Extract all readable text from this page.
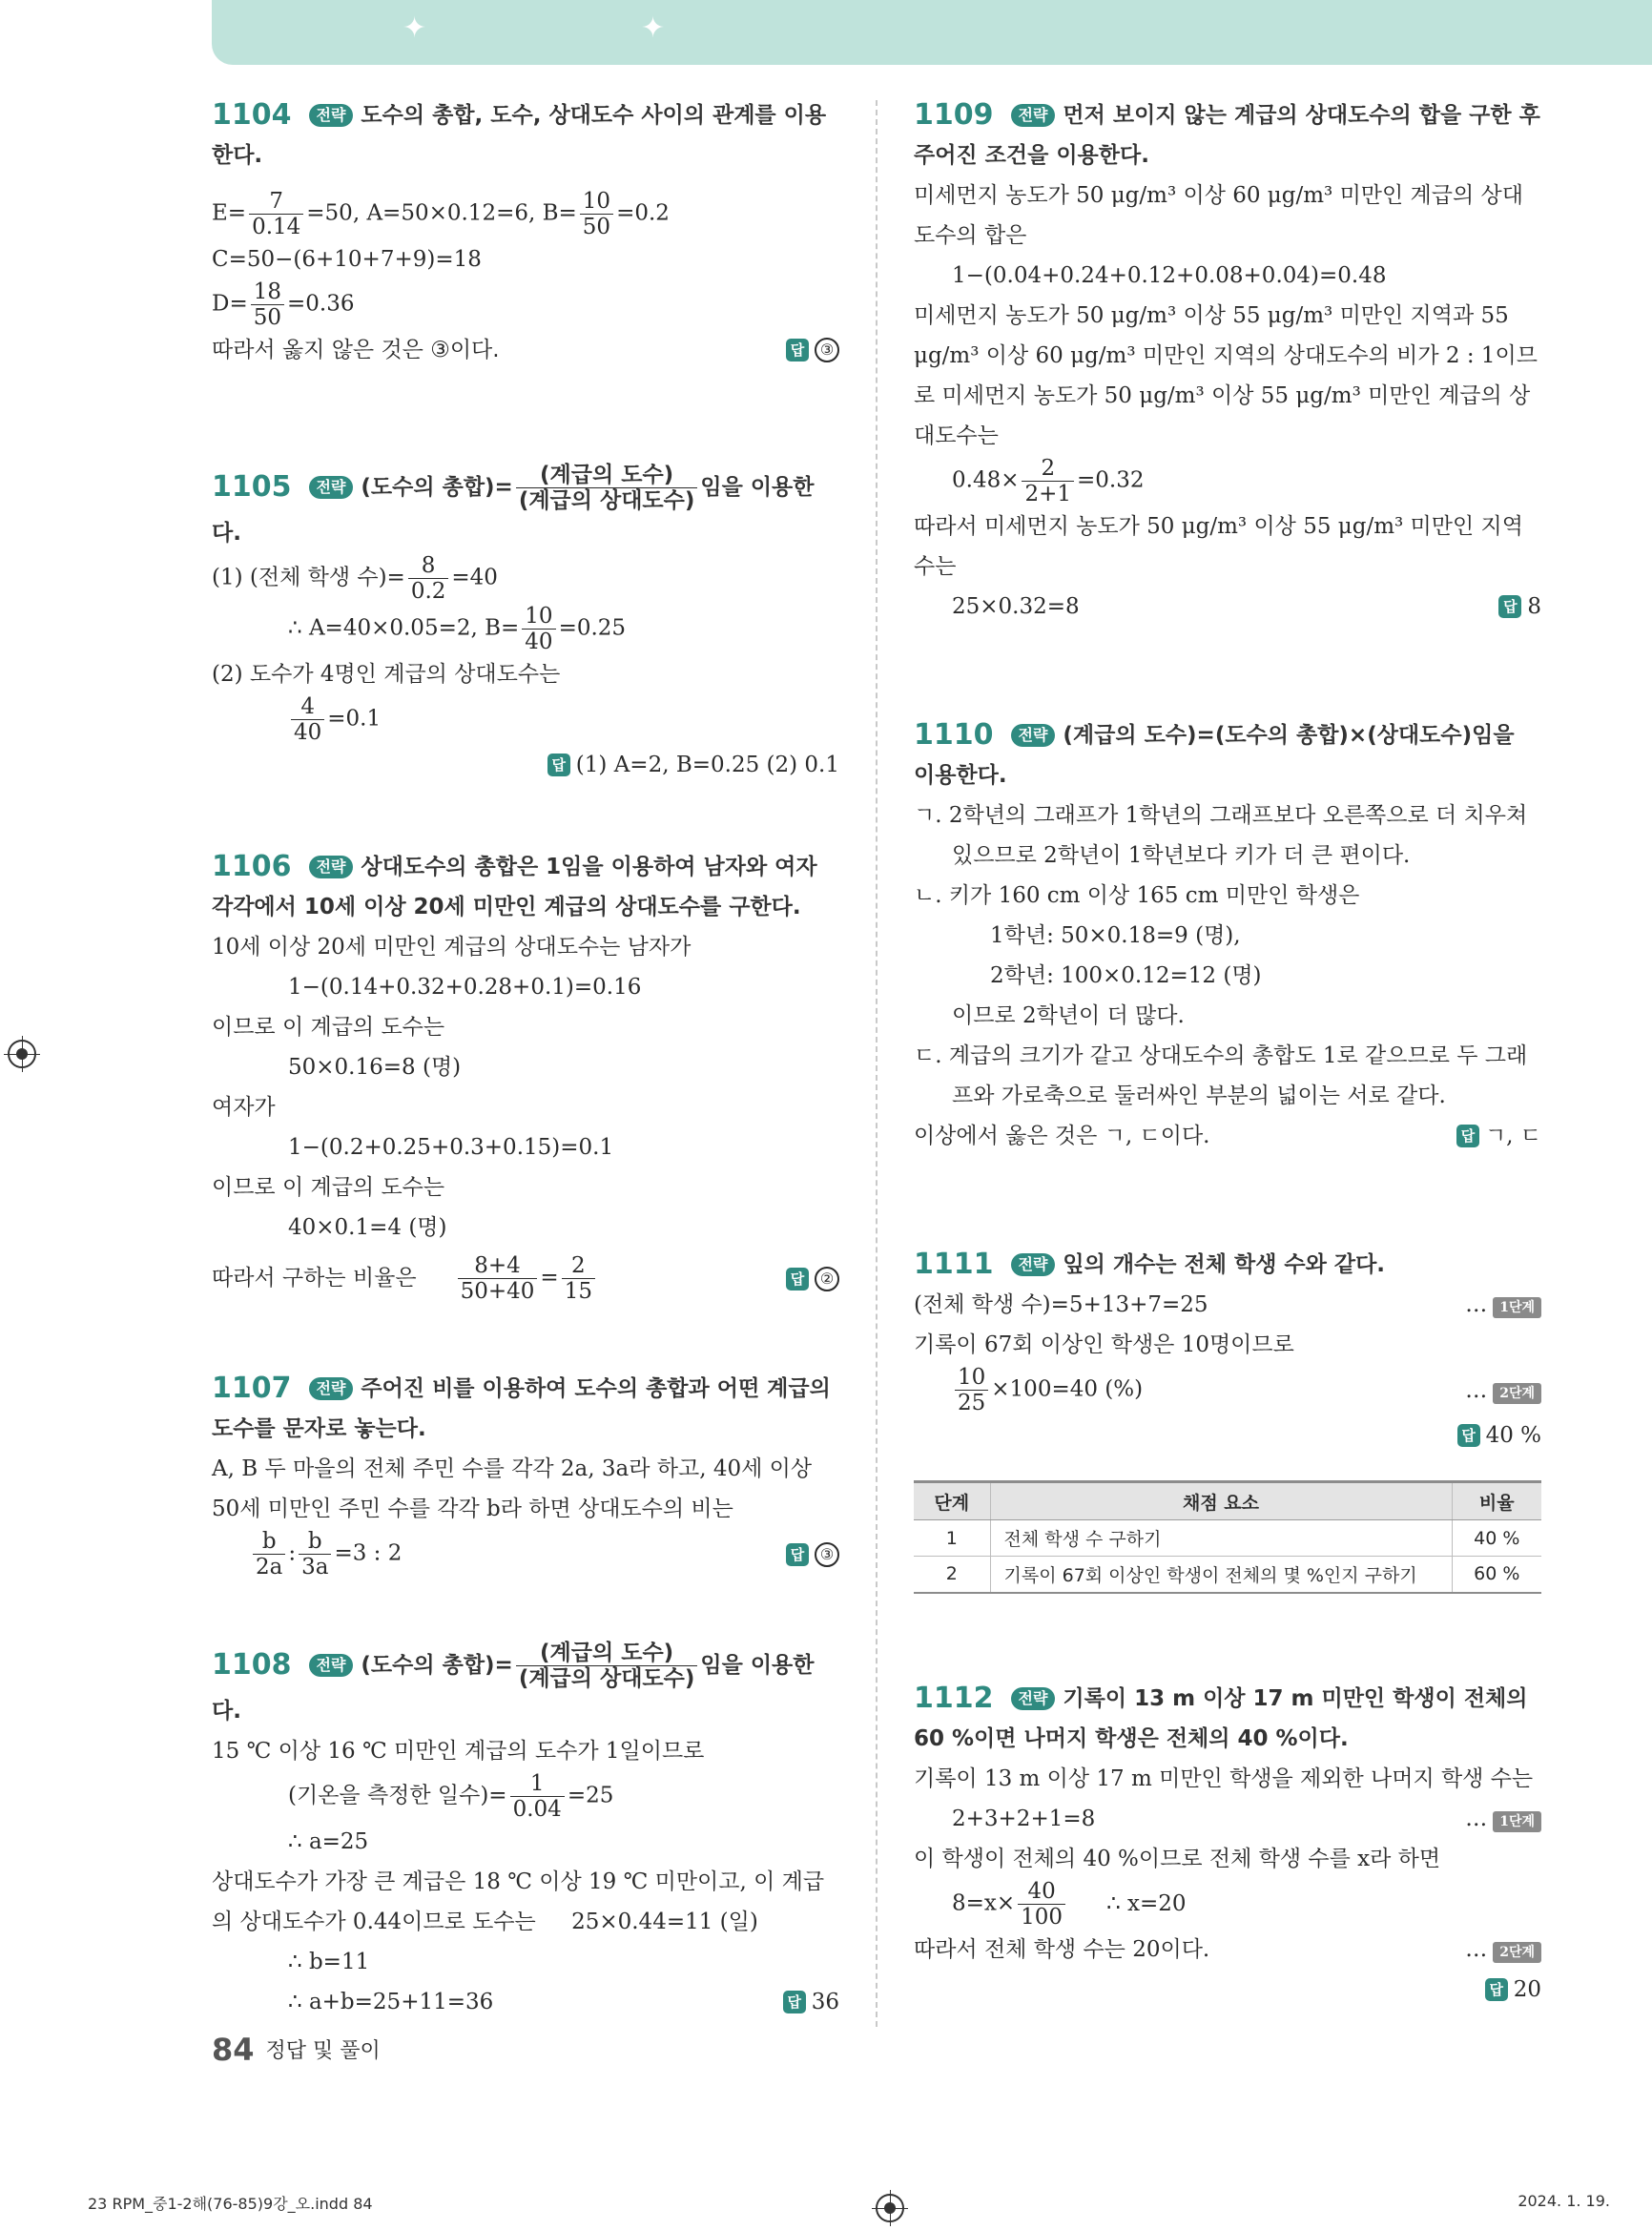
✦	✦
1104 전략 도수의 총합, 도수, 상대도수 사이의 관계를 이용한다.
$E= \frac{7}{0.14} =50$, A=50×0.12=6, $B= \frac{10}{50} =0.2$
C=50−(6+10+7+9)=18
$D= \frac{18}{50} =0.36$
따라서 옳지 않은 것은 ③이다.	답	③
1105 전략 (도수의 총합)= $\frac{\text{(계급의 도수)}}{\text{(계급의 상대도수)}}$ 임을 이용한다.
(1) (전체 학생 수)= $\frac{8}{0.2} =40$
∴ A=40×0.05=2, $B= \frac{10}{40} =0.25$
(2) 도수가 4명인 계급의 상대도수는
$\frac{4}{40} =0.1$
답 (1) A=2, B=0.25 (2) 0.1
1106 전략 상대도수의 총합은 1임을 이용하여 남자와 여자 각각에서 10세 이상 20세 미만인 계급의 상대도수를 구한다.
10세 이상 20세 미만인 계급의 상대도수는 남자가
1−(0.14+0.32+0.28+0.1)=0.16
이므로 이 계급의 도수는
50×0.16=8 (명)
여자가
1−(0.2+0.25+0.3+0.15)=0.1
이므로 이 계급의 도수는
40×0.1=4 (명)
따라서 구하는 비율은 $\frac{8+4}{50+40} = \frac{2}{15}$	답	②
1107 전략 주어진 비를 이용하여 도수의 총합과 어떤 계급의 도수를 문자로 놓는다.
A, B 두 마을의 전체 주민 수를 각각 2a, 3a라 하고, 40세 이상 50세 미만인 주민 수를 각각 b라 하면 상대도수의 비는
$\frac{b}{2a}$ : $\frac{b}{3a} =3$ : 2	답	③
1108 전략 (도수의 총합)= $\frac{\text{(계급의 도수)}}{\text{(계급의 상대도수)}}$ 임을 이용한다.
15 ℃ 이상 16 ℃ 미만인 계급의 도수가 1일이므로
(기온을 측정한 일수)= $\frac{1}{0.04} =25$
∴ a=25
상대도수가 가장 큰 계급은 18 ℃ 이상 19 ℃ 미만이고, 이 계급의 상대도수가 0.44이므로 도수는 25×0.44=11 (일)
∴ b=11
∴ a+b=25+11=36	답 36
1109 전략 먼저 보이지 않는 계급의 상대도수의 합을 구한 후 주어진 조건을 이용한다.
미세먼지 농도가 50 μg/m³ 이상 60 μg/m³ 미만인 계급의 상대도수의 합은
1−(0.04+0.24+0.12+0.08+0.04)=0.48
미세먼지 농도가 50 μg/m³ 이상 55 μg/m³ 미만인 지역과 55 μg/m³ 이상 60 μg/m³ 미만인 지역의 상대도수의 비가 2 : 1이므로 미세먼지 농도가 50 μg/m³ 이상 55 μg/m³ 미만인 계급의 상대도수는
$0.48\times \frac{2}{2+1} =0.32$
따라서 미세먼지 농도가 50 μg/m³ 이상 55 μg/m³ 미만인 지역 수는
25×0.32=8	답 8
1110 전략 (계급의 도수)=(도수의 총합)×(상대도수)임을 이용한다.
ㄱ. 2학년의 그래프가 1학년의 그래프보다 오른쪽으로 더 치우쳐 있으므로 2학년이 1학년보다 키가 더 큰 편이다.
ㄴ. 키가 160 cm 이상 165 cm 미만인 학생은
1학년: 50×0.18=9 (명),
2학년: 100×0.12=12 (명)
이므로 2학년이 더 많다.
ㄷ. 계급의 크기가 같고 상대도수의 총합도 1로 같으므로 두 그래프와 가로축으로 둘러싸인 부분의 넓이는 서로 같다.
이상에서 옳은 것은 ㄱ, ㄷ이다.	답 ㄱ, ㄷ
1111 전략 잎의 개수는 전체 학생 수와 같다.
(전체 학생 수)=5+13+7=25	… 1단계
기록이 67회 이상인 학생은 10명이므로
$\frac{10}{25} \times 100=40$ (%)	… 2단계
답 40 %
단계	채점 요소	비율
1	전체 학생 수 구하기	40 %
2	기록이 67회 이상인 학생이 전체의 몇 %인지 구하기	60 %
1112 전략 기록이 13 m 이상 17 m 미만인 학생이 전체의 60 %이면 나머지 학생은 전체의 40 %이다.
기록이 13 m 이상 17 m 미만인 학생을 제외한 나머지 학생 수는
2+3+2+1=8	… 1단계
이 학생이 전체의 40 %이므로 전체 학생 수를 x라 하면
$8=x\times \frac{40}{100}$ ∴ x=20
따라서 전체 학생 수는 20이다.	… 2단계
답 20
84 정답 및 풀이
23 RPM_중1-2해(76-85)9강_오.indd 84	2024. 1. 19.
